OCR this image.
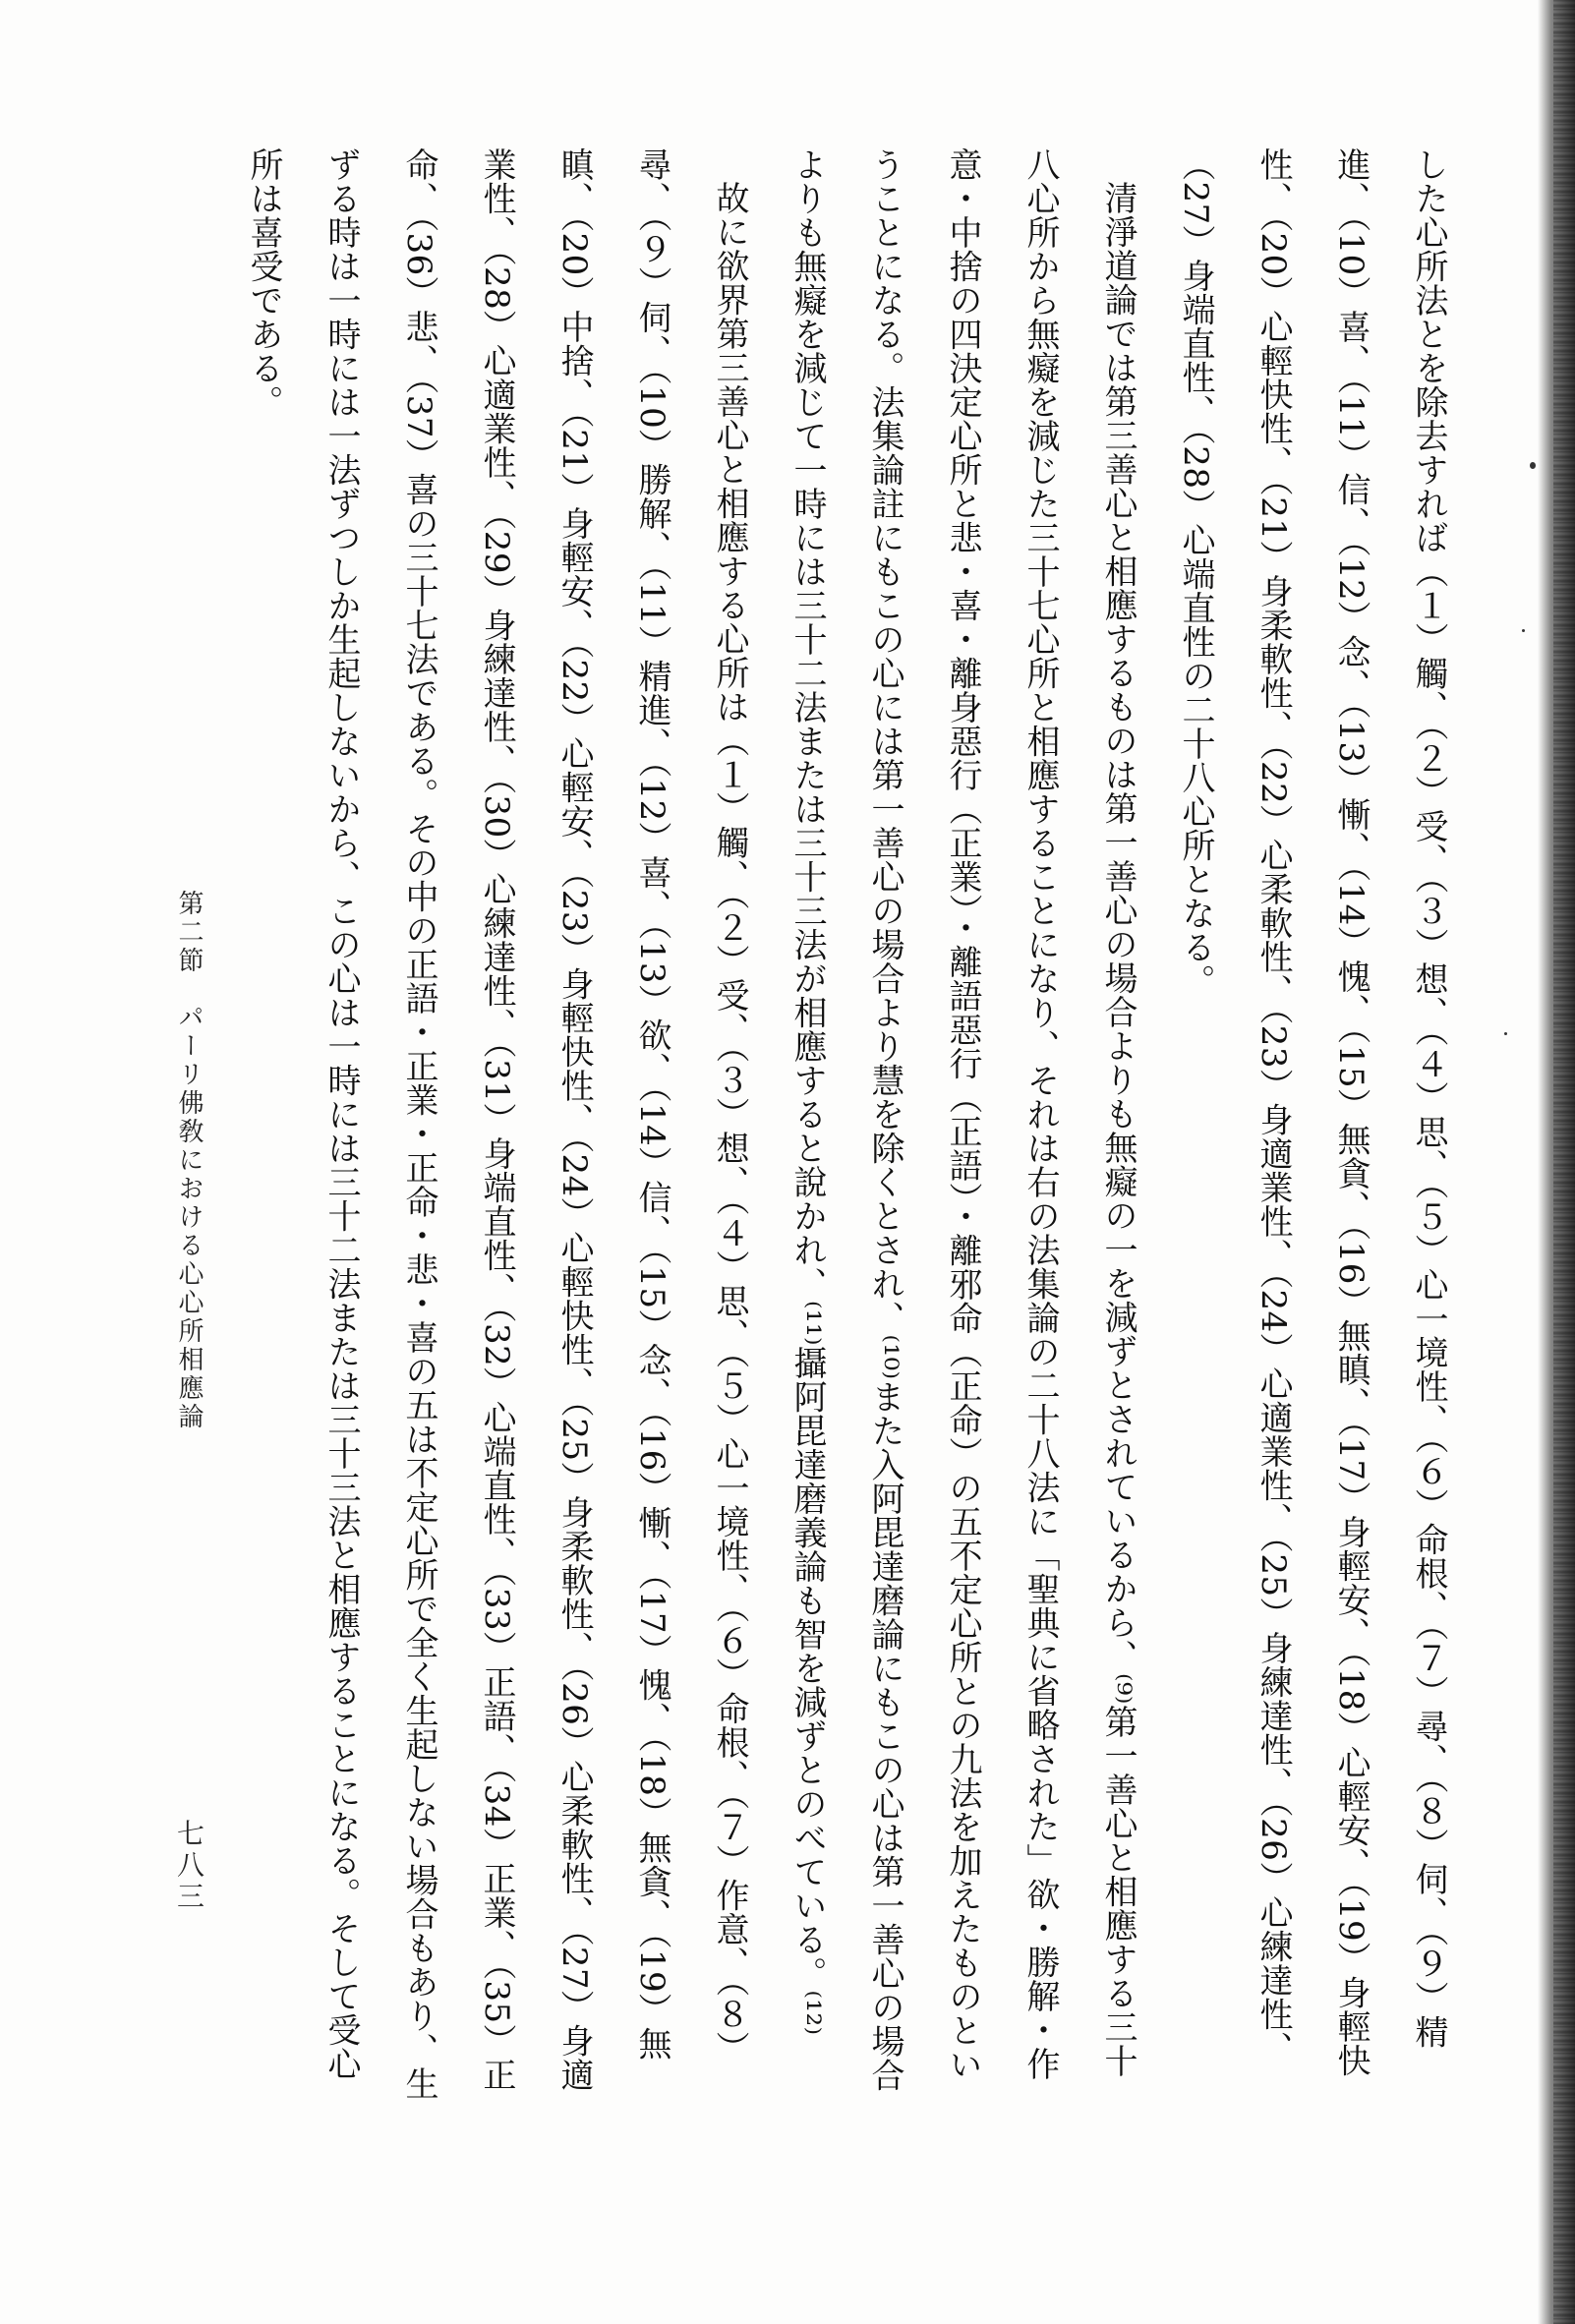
した心所法とを除去すれば（１）觸、（２）受、（３）想、（４）思、（５）心一境性、（６）命根、（７）尋、（８）伺、（９）精進、（10）喜、（11）信、（12）念、（13）慚、（14）愧、（15）無貪、（16）無瞋、（17）身輕安、（18）心輕安、（19）身輕快性、（20）心輕快性、（21）身柔軟性、（22）心柔軟性、（23）身適業性、（24）心適業性、（25）身練達性、（26）心練達性、（27）身端直性、（28）心端直性の二十八心所となる。

清淨道論では第三善心と相應するものは第一善心の場合よりも無癡の一を減ずとされているから、⁽⁹⁾第一善心と相應する三十八心所から無癡を減じた三十七心所と相應することになり、それは右の法集論の二十八法に「聖典に省略された」欲・勝解・作意・中捨の四決定心所と悲・喜・離身惡行（正業）・離語惡行（正語）・離邪命（正命）の五不定心所との九法を加えたものということになる。法集論註にもこの心には第一善心の場合より慧を除くとされ、⁽¹⁰⁾また入阿毘達磨論にもこの心は第一善心の場合よりも無癡を減じて一時には三十二法または三十三法が相應すると說かれ、⁽¹¹⁾攝阿毘達磨義論も智を減ずとのべている。⁽¹²⁾

故に欲界第三善心と相應する心所は（１）觸、（２）受、（３）想、（４）思、（５）心一境性、（６）命根、（７）作意、（８）尋、（９）伺、（10）勝解、（11）精進、（12）喜、（13）欲、（14）信、（15）念、（16）慚、（17）愧、（18）無貪、（19）無瞋、（20）中捨、（21）身輕安、（22）心輕安、（23）身輕快性、（24）心輕快性、（25）身柔軟性、（26）心柔軟性、（27）身適業性、（28）心適業性、（29）身練達性、（30）心練達性、（31）身端直性、（32）心端直性、（33）正語、（34）正業、（35）正命、（36）悲、（37）喜の三十七法である。その中の正語・正業・正命・悲・喜の五は不定心所で全く生起しない場合もあり、生ずる時は一時には一法ずつしか生起しないから、この心は一時には三十二法または三十三法と相應することになる。そして受心所は喜受である。

第二節　パーリ佛敎における心心所相應論
七八三
